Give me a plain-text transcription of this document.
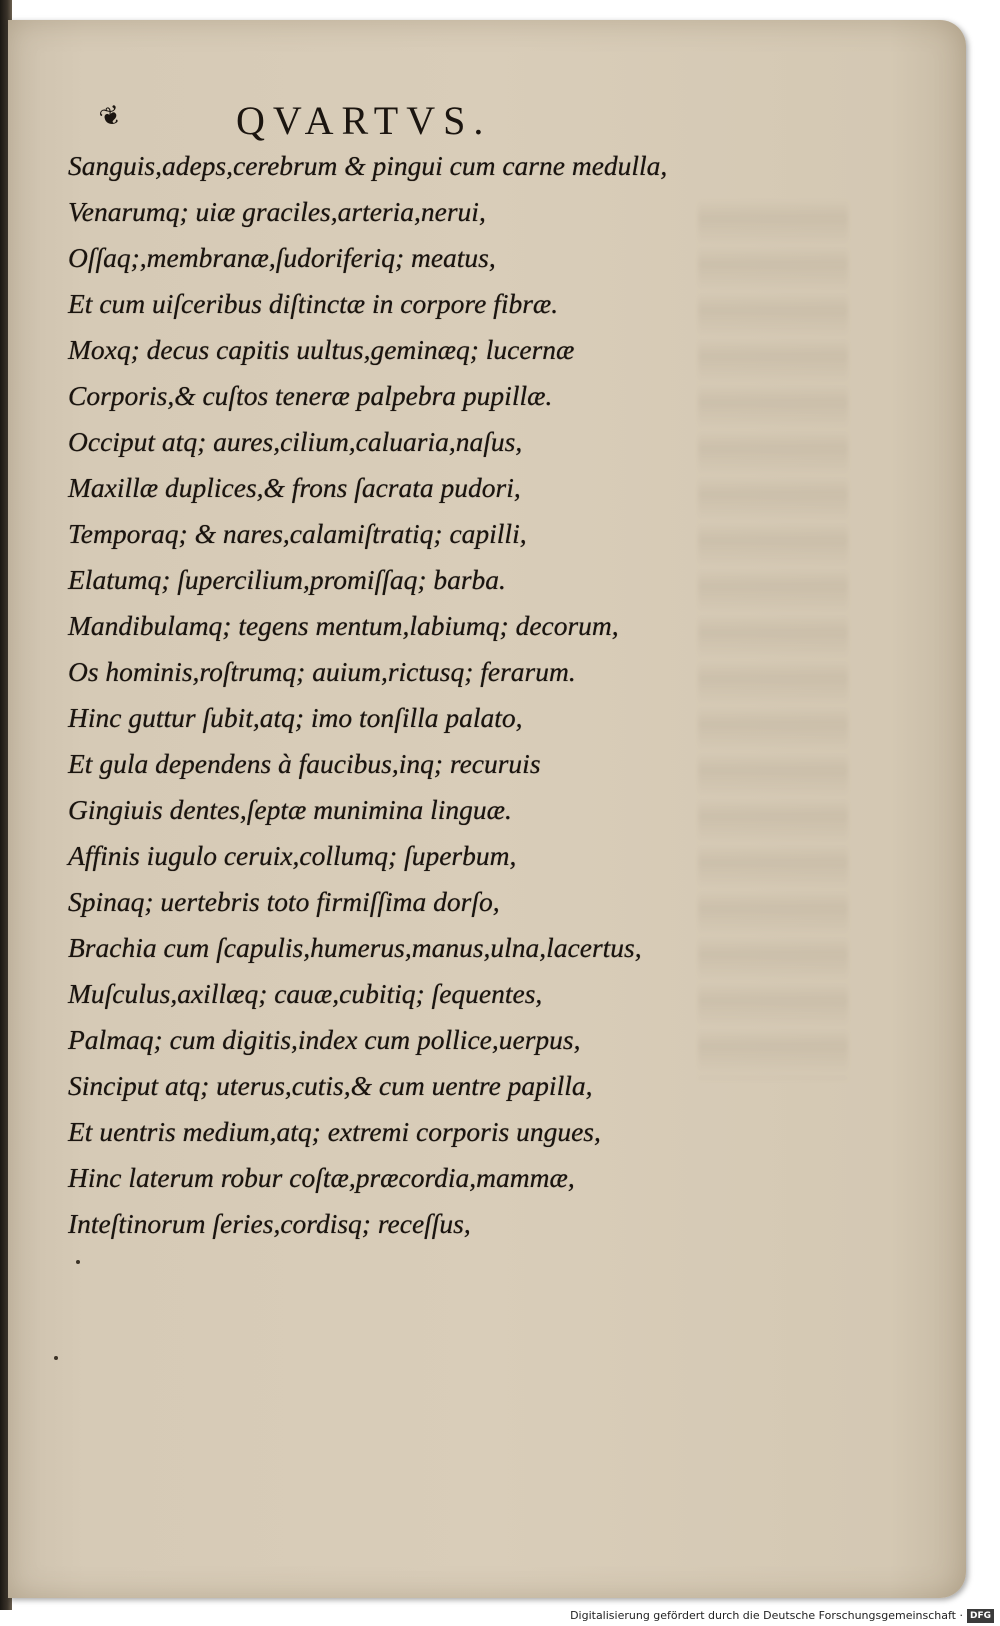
❦	QVARTVS.
Sanguis,adeps,cerebrum & pingui cum carne medulla,
Venarumq; uiæ graciles,arteria,nerui,
Oſſaq;,membranæ,ſudoriferiq; meatus,
Et cum uiſceribus diſtinctæ in corpore fibræ.
Moxq; decus capitis uultus,geminæq; lucernæ
Corporis,& cuſtos teneræ palpebra pupillæ.
Occiput atq; aures,cilium,caluaria,naſus,
Maxillæ duplices,& frons ſacrata pudori,
Temporaq; & nares,calamiſtratiq; capilli,
Elatumq; ſupercilium,promiſſaq; barba.
Mandibulamq; tegens mentum,labiumq; decorum,
Os hominis,roſtrumq; auium,rictusq; ferarum.
Hinc guttur ſubit,atq; imo tonſilla palato,
Et gula dependens à faucibus,inq; recuruis
Gingiuis dentes,ſeptæ munimina linguæ.
Affinis iugulo ceruix,collumq; ſuperbum,
Spinaq; uertebris toto firmiſſima dorſo,
Brachia cum ſcapulis,humerus,manus,ulna,lacertus,
Muſculus,axillæq; cauæ,cubitiq; ſequentes,
Palmaq; cum digitis,index cum pollice,uerpus,
Sinciput atq; uterus,cutis,& cum uentre papilla,
Et uentris medium,atq; extremi corporis ungues,
Hinc laterum robur coſtæ,præcordia,mammæ,
Inteſtinorum ſeries,cordisq; receſſus,
Digitalisierung gefördert durch die Deutsche Forschungsgemeinschaft · DFG
